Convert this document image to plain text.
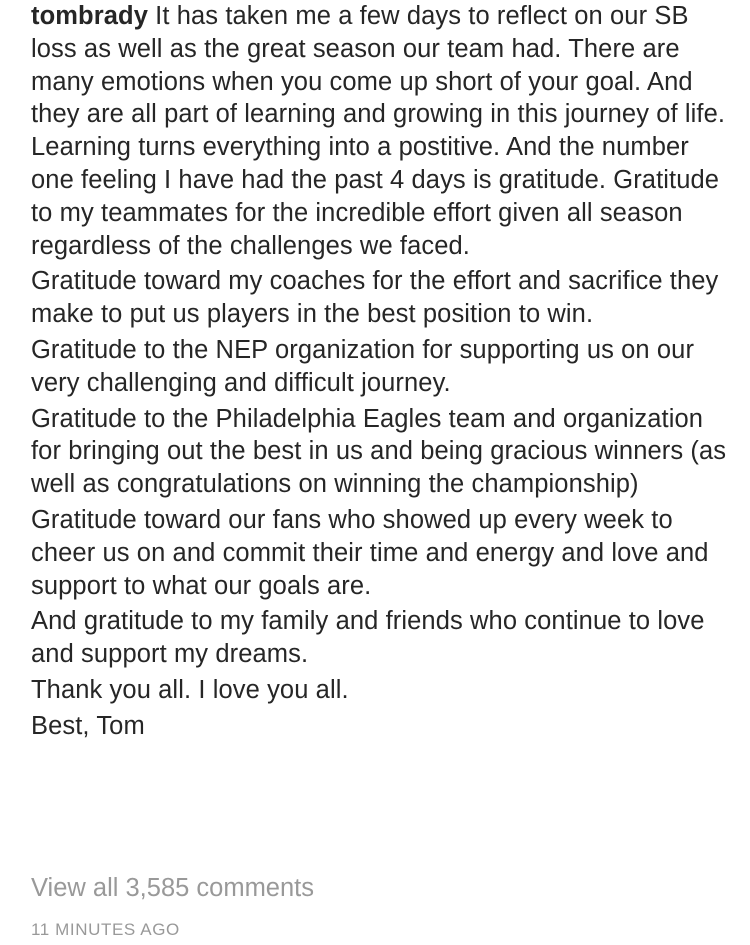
tombrady It has taken me a few days to reflect on our SB loss as well as the great season our team had. There are many emotions when you come up short of your goal. And they are all part of learning and growing in this journey of life. Learning turns everything into a postitive. And the number one feeling I have had the past 4 days is gratitude. Gratitude to my teammates for the incredible effort given all season regardless of the challenges we faced.
Gratitude toward my coaches for the effort and sacrifice they make to put us players in the best position to win.
Gratitude to the NEP organization for supporting us on our very challenging and difficult journey.
Gratitude to the Philadelphia Eagles team and organization for bringing out the best in us and being gracious winners (as well as congratulations on winning the championship)
Gratitude toward our fans who showed up every week to cheer us on and commit their time and energy and love and support to what our goals are.
And gratitude to my family and friends who continue to love and support my dreams.
Thank you all. I love you all.
Best, Tom
View all 3,585 comments
11 MINUTES AGO
